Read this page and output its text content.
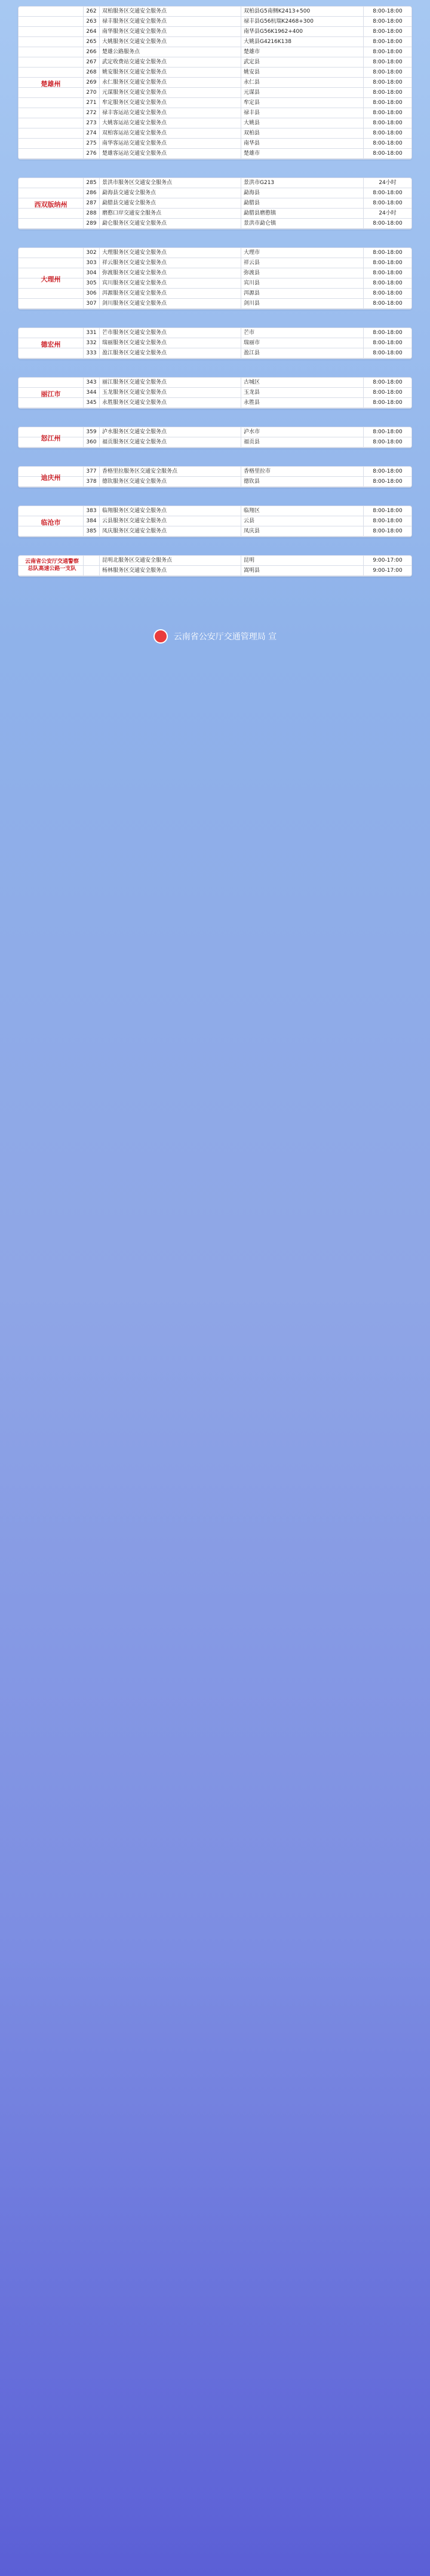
262	双柏服务区交通安全服务点	双柏县G5南侧K2413+500	8:00-18:00
263	禄丰服务区交通安全服务点	禄丰县G56杭瑞K2468+300	8:00-18:00
264	南华服务区交通安全服务点	南华县G56K1962+400	8:00-18:00
265	大姚服务区交通安全服务点	大姚县G4216K138	8:00-18:00
266	楚雄公路服务点	楚雄市	8:00-18:00
267	武定收费站交通安全服务点	武定县	8:00-18:00
268	姚安服务区交通安全服务点	姚安县	8:00-18:00
269	永仁服务区交通安全服务点	永仁县	8:00-18:00
270	元谋服务区交通安全服务点	元谋县	8:00-18:00
271	牟定服务区交通安全服务点	牟定县	8:00-18:00
272	禄丰客运站交通安全服务点	禄丰县	8:00-18:00
273	大姚客运站交通安全服务点	大姚县	8:00-18:00
274	双柏客运站交通安全服务点	双柏县	8:00-18:00
275	南华客运站交通安全服务点	南华县	8:00-18:00
276	楚雄客运站交通安全服务点	楚雄市	8:00-18:00
楚雄州
285	景洪市服务区交通安全服务点	景洪市G213	24小时
286	勐海县交通安全服务点	勐海县	8:00-18:00
287	勐腊县交通安全服务点	勐腊县	8:00-18:00
288	磨憨口岸交通安全服务点	勐腊县磨憨镇	24小时
289	勐仑服务区交通安全服务点	景洪市勐仑镇	8:00-18:00
西双版纳州
302	大理服务区交通安全服务点	大理市	8:00-18:00
303	祥云服务区交通安全服务点	祥云县	8:00-18:00
304	弥渡服务区交通安全服务点	弥渡县	8:00-18:00
305	宾川服务区交通安全服务点	宾川县	8:00-18:00
306	洱源服务区交通安全服务点	洱源县	8:00-18:00
307	剑川服务区交通安全服务点	剑川县	8:00-18:00
大理州
331	芒市服务区交通安全服务点	芒市	8:00-18:00
332	瑞丽服务区交通安全服务点	瑞丽市	8:00-18:00
333	盈江服务区交通安全服务点	盈江县	8:00-18:00
德宏州
343	丽江服务区交通安全服务点	古城区	8:00-18:00
344	玉龙服务区交通安全服务点	玉龙县	8:00-18:00
345	永胜服务区交通安全服务点	永胜县	8:00-18:00
丽江市
359	泸水服务区交通安全服务点	泸水市	8:00-18:00
360	福贡服务区交通安全服务点	福贡县	8:00-18:00
怒江州
377	香格里拉服务区交通安全服务点	香格里拉市	8:00-18:00
378	德钦服务区交通安全服务点	德钦县	8:00-18:00
迪庆州
383	临翔服务区交通安全服务点	临翔区	8:00-18:00
384	云县服务区交通安全服务点	云县	8:00-18:00
385	凤庆服务区交通安全服务点	凤庆县	8:00-18:00
临沧市
昆明北服务区交通安全服务点	昆明	9:00-17:00
杨林服务区交通安全服务点	嵩明县	9:00-17:00
云南省公安厅交通警察总队高速公路一支队
云南省公安厅交通管理局 宣
